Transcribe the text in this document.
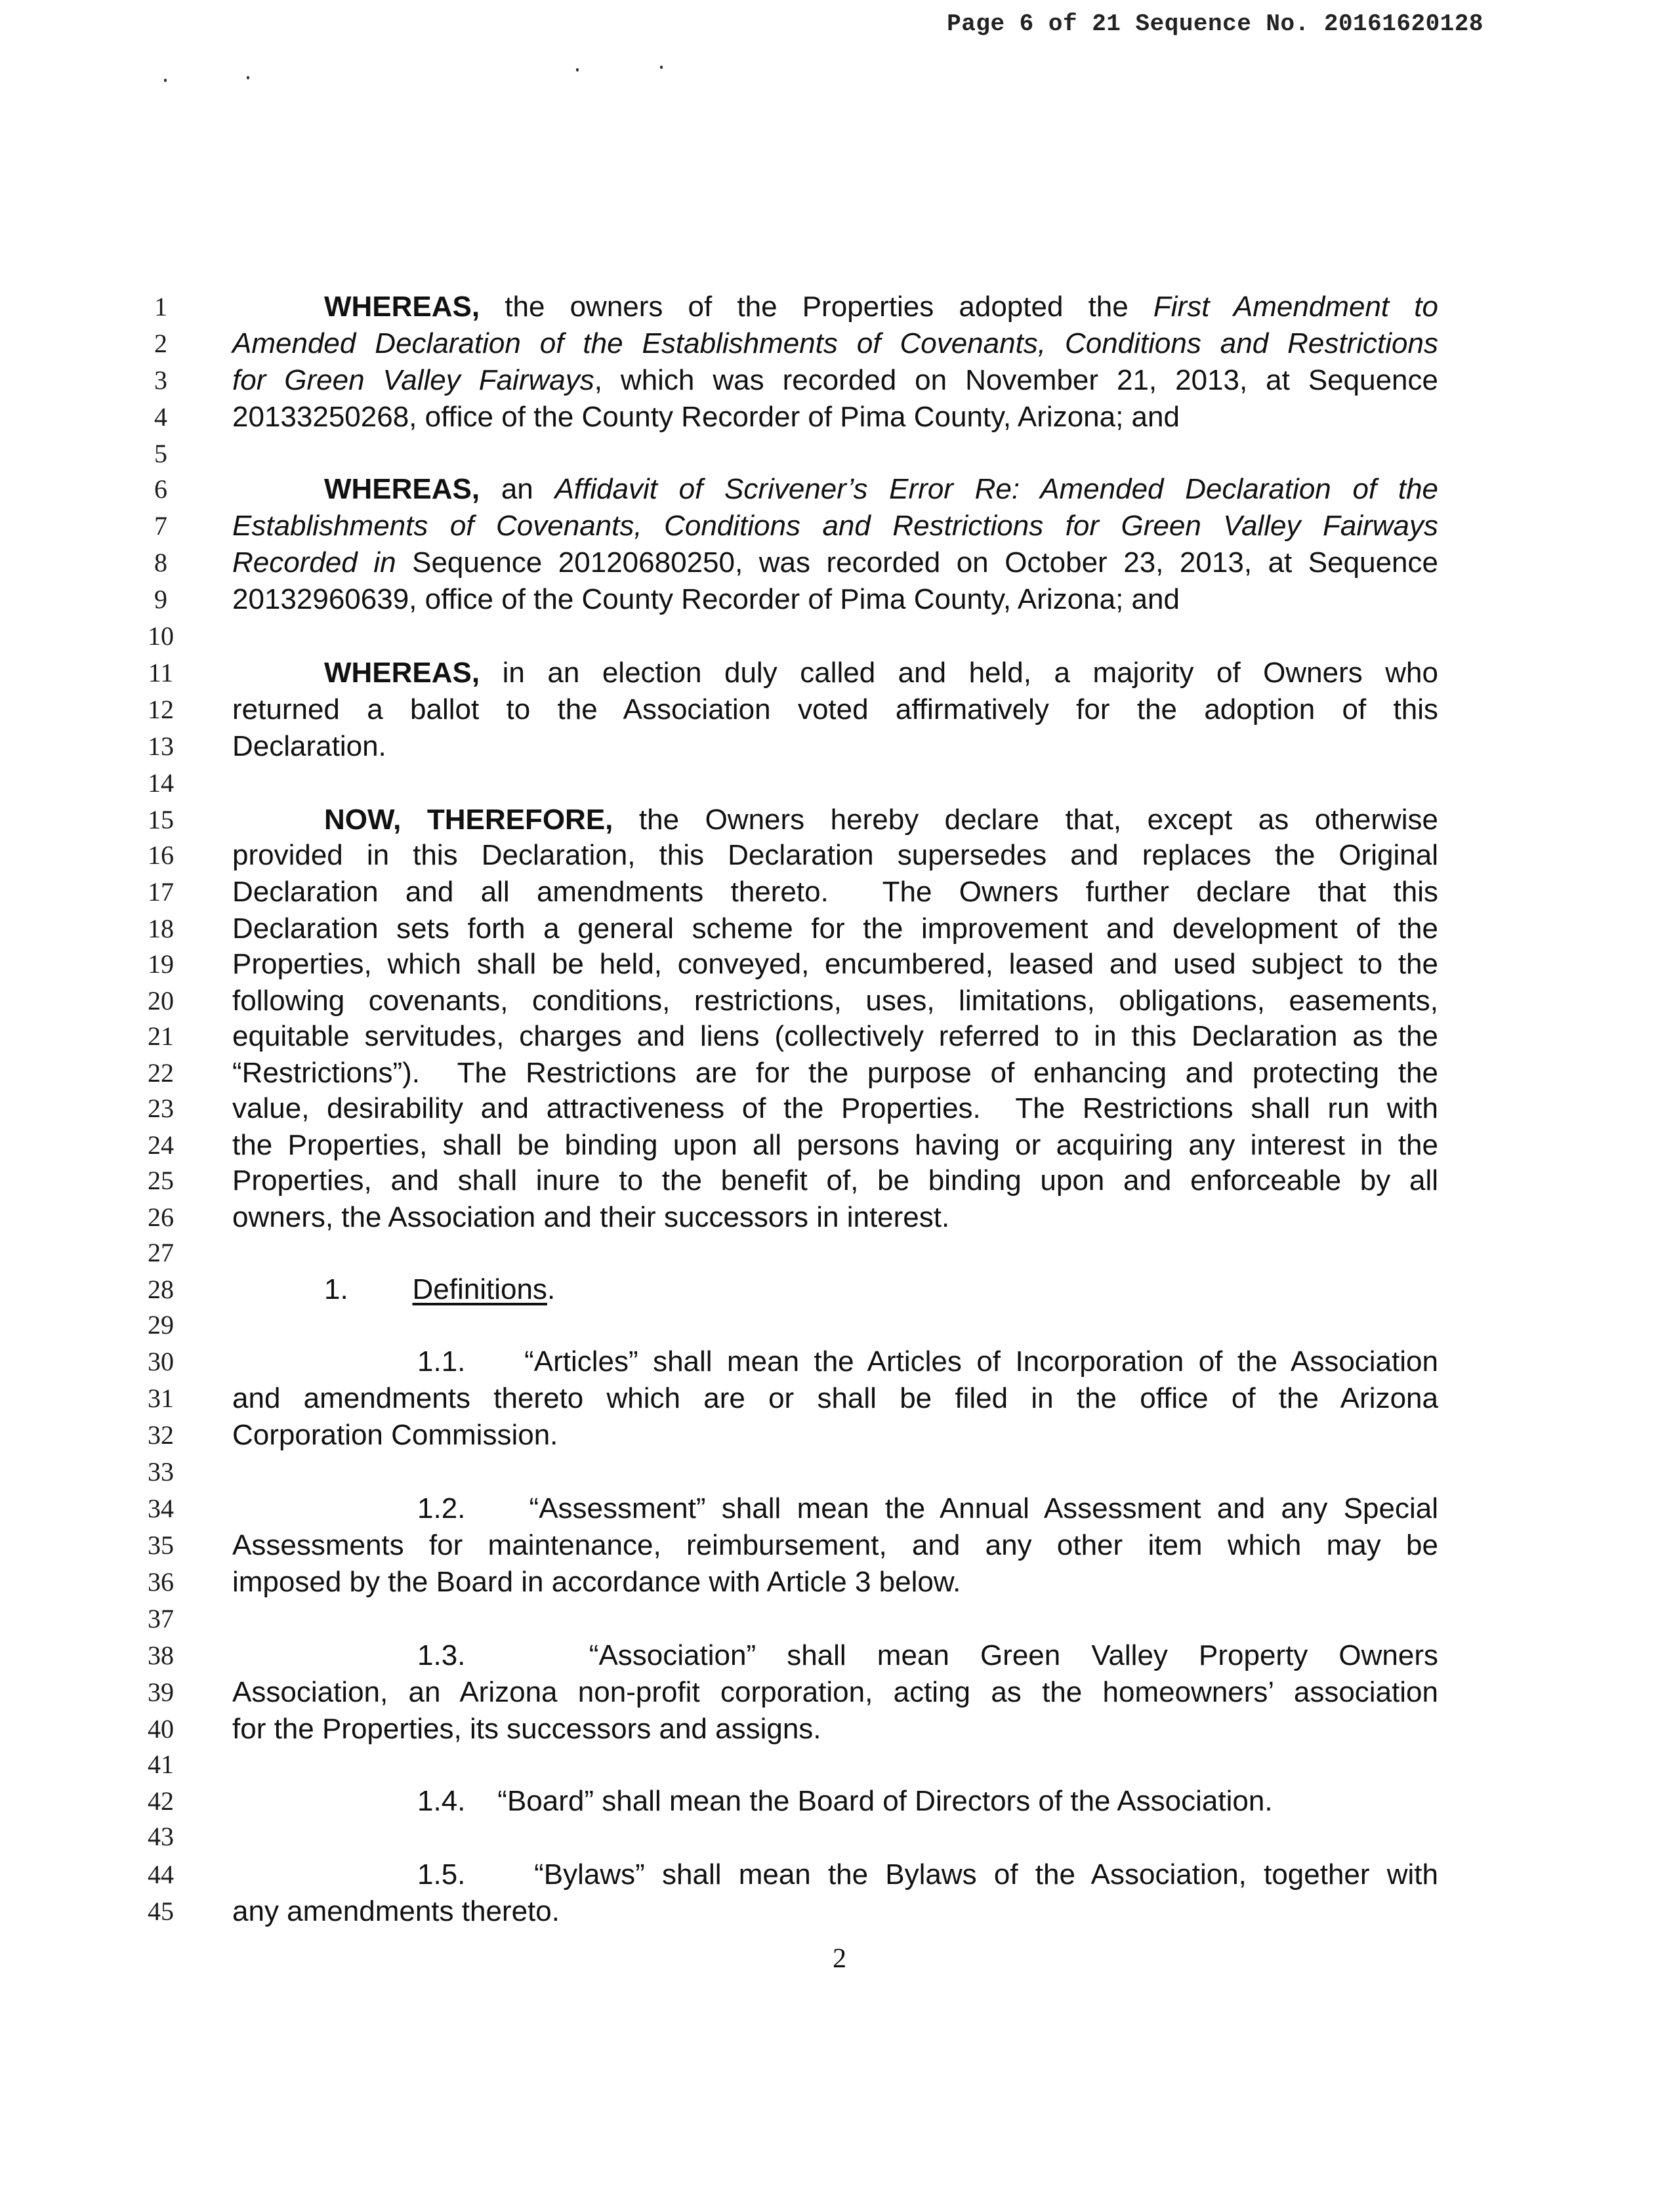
Page 6 of 21 Sequence No. 20161620128
1	WHEREAS, the owners of the Properties adopted the First Amendment to
2	Amended Declaration of the Establishments of Covenants, Conditions and Restrictions
3	for Green Valley Fairways, which was recorded on November 21, 2013, at Sequence
4	20133250268, office of the County Recorder of Pima County, Arizona; and
5
6	WHEREAS, an Affidavit of Scrivener’s Error Re: Amended Declaration of the
7	Establishments of Covenants, Conditions and Restrictions for Green Valley Fairways
8	Recorded in Sequence 20120680250, was recorded on October 23, 2013, at Sequence
9	20132960639, office of the County Recorder of Pima County, Arizona; and
10
11	WHEREAS, in an election duly called and held, a majority of Owners who
12	returned a ballot to the Association voted affirmatively for the adoption of this
13	Declaration.
14
15	NOW, THEREFORE, the Owners hereby declare that, except as otherwise
16	provided in this Declaration, this Declaration supersedes and replaces the Original
17	Declaration and all amendments thereto.  The Owners further declare that this
18	Declaration sets forth a general scheme for the improvement and development of the
19	Properties, which shall be held, conveyed, encumbered, leased and used subject to the
20	following covenants, conditions, restrictions, uses, limitations, obligations, easements,
21	equitable servitudes, charges and liens (collectively referred to in this Declaration as the
22	“Restrictions”).  The Restrictions are for the purpose of enhancing and protecting the
23	value, desirability and attractiveness of the Properties.  The Restrictions shall run with
24	the Properties, shall be binding upon all persons having or acquiring any interest in the
25	Properties, and shall inure to the benefit of, be binding upon and enforceable by all
26	owners, the Association and their successors in interest.
27
28	1.        Definitions.
29
30	1.1.    “Articles” shall mean the Articles of Incorporation of the Association
31	and amendments thereto which are or shall be filed in the office of the Arizona
32	Corporation Commission.
33
34	1.2.    “Assessment” shall mean the Annual Assessment and any Special
35	Assessments for maintenance, reimbursement, and any other item which may be
36	imposed by the Board in accordance with Article 3 below.
37
38	1.3.    “Association” shall mean Green Valley Property Owners
39	Association, an Arizona non-profit corporation, acting as the homeowners’ association
40	for the Properties, its successors and assigns.
41
42	1.4.    “Board” shall mean the Board of Directors of the Association.
43
44	1.5.    “Bylaws” shall mean the Bylaws of the Association, together with
45	any amendments thereto.
2
